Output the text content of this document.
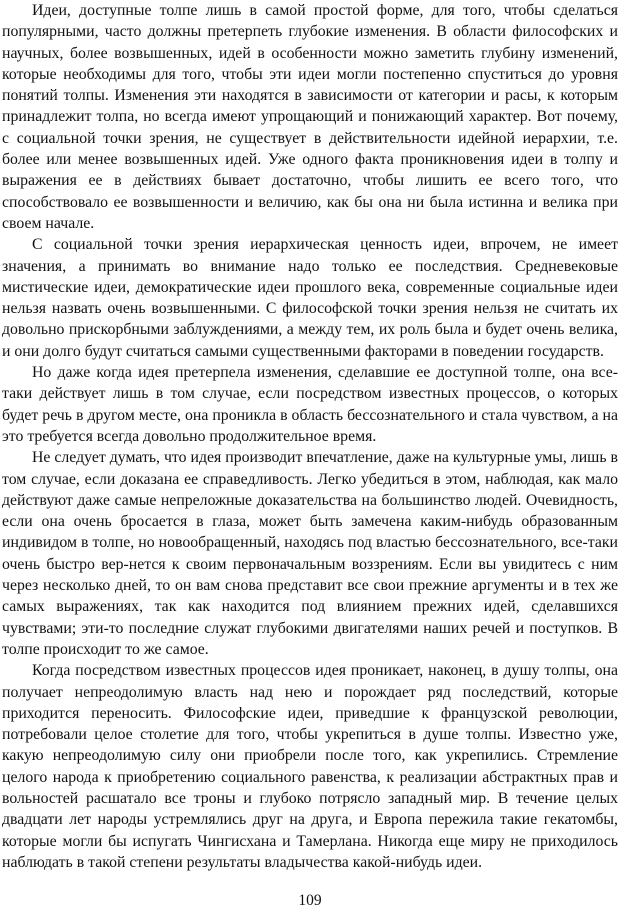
Идеи, доступные толпе лишь в самой простой форме, для того, чтобы сделаться популярными, часто должны претерпеть глубокие изменения. В области философских и научных, более возвышенных, идей в особенности можно заметить глубину изменений, которые необходимы для того, чтобы эти идеи могли постепенно спуститься до уровня понятий толпы. Изменения эти находятся в зависимости от категории и расы, к которым принадлежит толпа, но всегда имеют упрощающий и понижающий характер. Вот почему, с социальной точки зрения, не существует в действительности идейной иерархии, т.е. более или менее возвышенных идей. Уже одного факта проникновения идеи в толпу и выражения ее в действиях бывает достаточно, чтобы лишить ее всего того, что способствовало ее возвышенности и величию, как бы она ни была истинна и велика при своем начале.

С социальной точки зрения иерархическая ценность идеи, впрочем, не имеет значения, а принимать во внимание надо только ее последствия. Средневековые мистические идеи, демократические идеи прошлого века, современные социальные идеи нельзя назвать очень возвышенными. С философской точки зрения нельзя не считать их довольно прискорбными заблуждениями, а между тем, их роль была и будет очень велика, и они долго будут считаться самыми существенными факторами в поведении государств.

Но даже когда идея претерпела изменения, сделавшие ее доступной толпе, она все-таки действует лишь в том случае, если посредством известных процессов, о которых будет речь в другом месте, она проникла в область бессознательного и стала чувством, а на это требуется всегда довольно продолжительное время.

Не следует думать, что идея производит впечатление, даже на культурные умы, лишь в том случае, если доказана ее справедливость. Легко убедиться в этом, наблюдая, как мало действуют даже самые непреложные доказательства на большинство людей. Очевидность, если она очень бросается в глаза, может быть замечена каким-нибудь образованным индивидом в толпе, но новообращенный, находясь под властью бессознательного, все-таки очень быстро вер-нется к своим первоначальным воззрениям. Если вы увидитесь с ним через несколько дней, то он вам снова представит все свои прежние аргументы и в тех же самых выражениях, так как находится под влиянием прежних идей, сделавшихся чувствами; эти-то последние служат глубокими двигателями наших речей и поступков. В толпе происходит то же самое.

Когда посредством известных процессов идея проникает, наконец, в душу толпы, она получает непреодолимую власть над нею и порождает ряд последствий, которые приходится переносить. Философские идеи, приведшие к французской революции, потребовали целое столетие для того, чтобы укрепиться в душе толпы. Известно уже, какую непреодолимую силу они приобрели после того, как укрепились. Стремление целого народа к приобретению социального равенства, к реализации абстрактных прав и вольностей расшатало все троны и глубоко потрясло западный мир. В течение целых двадцати лет народы устремлялись друг на друга, и Европа пережила такие гекатомбы, которые могли бы испугать Чингисхана и Тамерлана. Никогда еще миру не приходилось наблюдать в такой степени результаты владычества какой-нибудь идеи.

109
